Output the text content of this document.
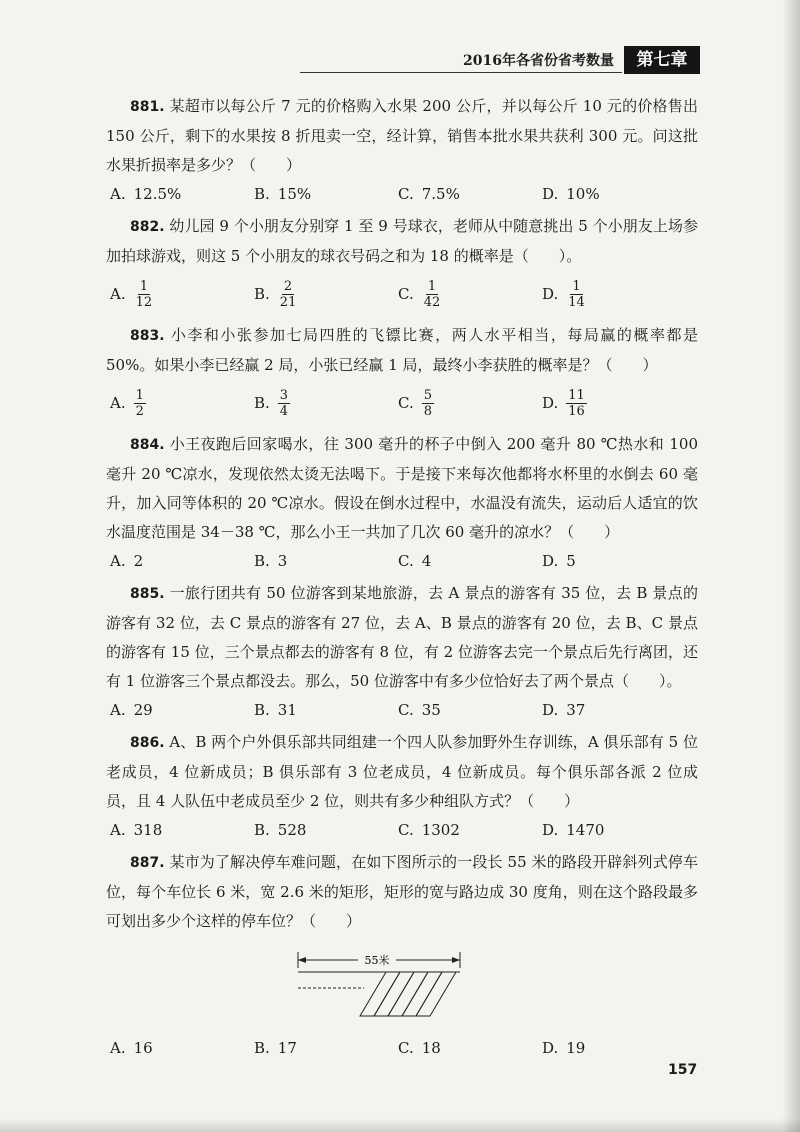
2016年各省份省考数量	第七章
881. 某超市以每公斤 7 元的价格购入水果 200 公斤，并以每公斤 10 元的价格售出 150 公斤，剩下的水果按 8 折甩卖一空，经计算，销售本批水果共获利 300 元。问这批水果折损率是多少？（　　）
A. 12.5%	B. 15%	C. 7.5%	D. 10%
882. 幼儿园 9 个小朋友分别穿 1 至 9 号球衣，老师从中随意挑出 5 个小朋友上场参加拍球游戏，则这 5 个小朋友的球衣号码之和为 18 的概率是（　　）。
A. $\frac{1}{12}$	B. $\frac{2}{21}$	C. $\frac{1}{42}$	D. $\frac{1}{14}$
883. 小李和小张参加七局四胜的飞镖比赛，两人水平相当，每局赢的概率都是 50%。如果小李已经赢 2 局，小张已经赢 1 局，最终小李获胜的概率是？（　　）
A. $\frac{1}{2}$	B. $\frac{3}{4}$	C. $\frac{5}{8}$	D. $\frac{11}{16}$
884. 小王夜跑后回家喝水，往 300 毫升的杯子中倒入 200 毫升 80 ℃热水和 100 毫升 20 ℃凉水，发现依然太烫无法喝下。于是接下来每次他都将水杯里的水倒去 60 毫升，加入同等体积的 20 ℃凉水。假设在倒水过程中，水温没有流失，运动后人适宜的饮水温度范围是 34－38 ℃，那么小王一共加了几次 60 毫升的凉水？（　　）
A. 2	B. 3	C. 4	D. 5
885. 一旅行团共有 50 位游客到某地旅游，去 A 景点的游客有 35 位，去 B 景点的游客有 32 位，去 C 景点的游客有 27 位，去 A、B 景点的游客有 20 位，去 B、C 景点的游客有 15 位，三个景点都去的游客有 8 位，有 2 位游客去完一个景点后先行离团，还有 1 位游客三个景点都没去。那么，50 位游客中有多少位恰好去了两个景点（　　）。
A. 29	B. 31	C. 35	D. 37
886. A、B 两个户外俱乐部共同组建一个四人队参加野外生存训练，A 俱乐部有 5 位老成员，4 位新成员；B 俱乐部有 3 位老成员，4 位新成员。每个俱乐部各派 2 位成员，且 4 人队伍中老成员至少 2 位，则共有多少种组队方式？（　　）
A. 318	B. 528	C. 1302	D. 1470
887. 某市为了解决停车难问题，在如下图所示的一段长 55 米的路段开辟斜列式停车位，每个车位长 6 米，宽 2.6 米的矩形，矩形的宽与路边成 30 度角，则在这个路段最多可划出多少个这样的停车位？（　　）
55米
A. 16	B. 17	C. 18	D. 19
157
